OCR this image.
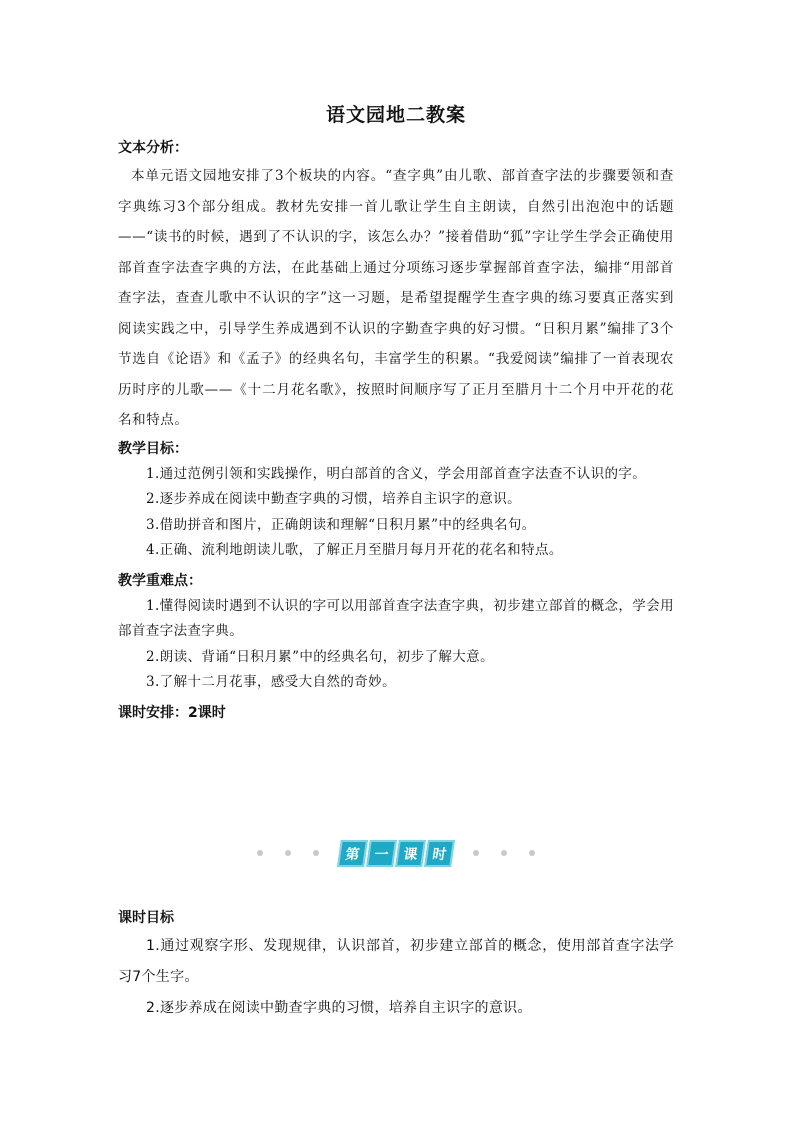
语文园地二教案

文本分析：

本单元语文园地安排了3个板块的内容。“查字典”由儿歌、部首查字法的步骤要领和查字典练习3个部分组成。教材先安排一首儿歌让学生自主朗读，自然引出泡泡中的话题——“读书的时候，遇到了不认识的字，该怎么办？”接着借助“狐”字让学生学会正确使用部首查字法查字典的方法，在此基础上通过分项练习逐步掌握部首查字法，编排“用部首查字法，查查儿歌中不认识的字”这一习题，是希望提醒学生查字典的练习要真正落实到阅读实践之中，引导学生养成遇到不认识的字勤查字典的好习惯。“日积月累”编排了3个节选自《论语》和《孟子》的经典名句，丰富学生的积累。“我爱阅读”编排了一首表现农历时序的儿歌——《十二月花名歌》，按照时间顺序写了正月至腊月十二个月中开花的花名和特点。

教学目标：

1.通过范例引领和实践操作，明白部首的含义，学会用部首查字法查不认识的字。

2.逐步养成在阅读中勤查字典的习惯，培养自主识字的意识。

3.借助拼音和图片，正确朗读和理解“日积月累”中的经典名句。

4.正确、流利地朗读儿歌，了解正月至腊月每月开花的花名和特点。

教学重难点：

1.懂得阅读时遇到不认识的字可以用部首查字法查字典，初步建立部首的概念，学会用部首查字法查字典。

2.朗读、背诵“日积月累”中的经典名句，初步了解大意。

3.了解十二月花事，感受大自然的奇妙。

课时安排：2课时

第 一 课 时

课时目标

1.通过观察字形、发现规律，认识部首，初步建立部首的概念，使用部首查字法学习7个生字。

2.逐步养成在阅读中勤查字典的习惯，培养自主识字的意识。
